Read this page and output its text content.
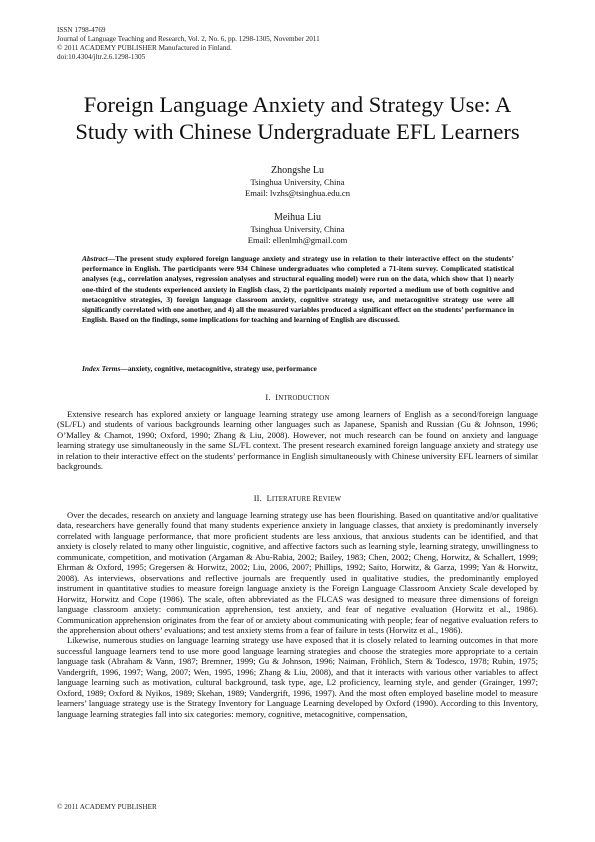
ISSN 1798-4769
Journal of Language Teaching and Research, Vol. 2, No. 6, pp. 1298-1305, November 2011
© 2011 ACADEMY PUBLISHER Manufactured in Finland.
doi:10.4304/jltr.2.6.1298-1305
Foreign Language Anxiety and Strategy Use: A
Study with Chinese Undergraduate EFL Learners
Zhongshe Lu
Tsinghua University, China
Email: lvzhs@tsinghua.edu.cn
Meihua Liu
Tsinghua University, China
Email: ellenlmh@gmail.com
Abstract—The present study explored foreign language anxiety and strategy use in relation to their interactive effect on the students’ performance in English. The participants were 934 Chinese undergraduates who completed a 71-item survey. Complicated statistical analyses (e.g., correlation analyses, regression analyses and structural equaling model) were run on the data, which show that 1) nearly one-third of the students experienced anxiety in English class, 2) the participants mainly reported a medium use of both cognitive and metacognitive strategies, 3) foreign language classroom anxiety, cognitive strategy use, and metacognitive strategy use were all significantly correlated with one another, and 4) all the measured variables produced a significant effect on the students’ performance in English. Based on the findings, some implications for teaching and learning of English are discussed.
Index Terms—anxiety, cognitive, metacognitive, strategy use, performance
I. INTRODUCTION

Extensive research has explored anxiety or language learning strategy use among learners of English as a second/foreign language (SL/FL) and students of various backgrounds learning other languages such as Japanese, Spanish and Russian (Gu & Johnson, 1996; O’Malley & Chamot, 1990; Oxford, 1990; Zhang & Liu, 2008). However, not much research can be found on anxiety and language learning strategy use simultaneously in the same SL/FL context. The present research examined foreign language anxiety and strategy use in relation to their interactive effect on the students’ performance in English simultaneously with Chinese university EFL learners of similar backgrounds.

II. LITERATURE REVIEW

Over the decades, research on anxiety and language learning strategy use has been flourishing. Based on quantitative and/or qualitative data, researchers have generally found that many students experience anxiety in language classes, that anxiety is predominantly inversely correlated with language performance, that more proficient students are less anxious, that anxious students can be identified, and that anxiety is closely related to many other linguistic, cognitive, and affective factors such as learning style, learning strategy, unwillingness to communicate, competition, and motivation (Argaman & Abu-Rabia, 2002; Bailey, 1983; Chen, 2002; Cheng, Horwitz, & Schallert, 1999; Ehrman & Oxford, 1995; Gregersen & Horwitz, 2002; Liu, 2006, 2007; Phillips, 1992; Saito, Horwitz, & Garza, 1999; Yan & Horwitz, 2008). As interviews, observations and reflective journals are frequently used in qualitative studies, the predominantly employed instrument in quantitative studies to measure foreign language anxiety is the Foreign Language Classroom Anxiety Scale developed by Horwitz, Horwitz and Cope (1986). The scale, often abbreviated as the FLCAS was designed to measure three dimensions of foreign language classroom anxiety: communication apprehension, test anxiety, and fear of negative evaluation (Horwitz et al., 1986). Communication apprehension originates from the fear of or anxiety about communicating with people; fear of negative evaluation refers to the apprehension about others’ evaluations; and test anxiety stems from a fear of failure in tests (Horwitz et al., 1986).

Likewise, numerous studies on language learning strategy use have exposed that it is closely related to learning outcomes in that more successful language learners tend to use more good language learning strategies and choose the strategies more appropriate to a certain language task (Abraham & Vann, 1987; Bremner, 1999; Gu & Johnson, 1996; Naiman, Fröhlich, Stern & Todesco, 1978; Rubin, 1975; Vandergrift, 1996, 1997; Wang, 2007; Wen, 1995, 1996; Zhang & Liu, 2008), and that it interacts with various other variables to affect language learning such as motivation, cultural background, task type, age, L2 proficiency, learning style, and gender (Grainger, 1997; Oxford, 1989; Oxford & Nyikos, 1989; Skehan, 1989; Vandergrift, 1996, 1997). And the most often employed baseline model to measure learners’ language strategy use is the Strategy Inventory for Language Learning developed by Oxford (1990). According to this Inventory, language learning strategies fall into six categories: memory, cognitive, metacognitive, compensation,

© 2011 ACADEMY PUBLISHER
